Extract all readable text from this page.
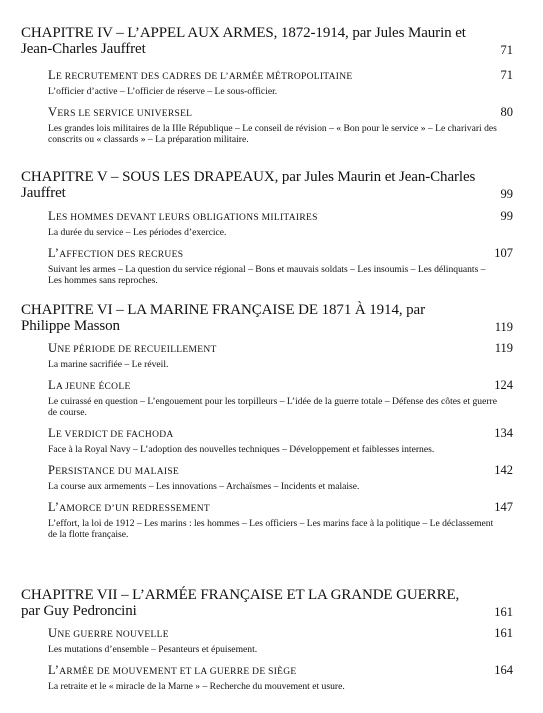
CHAPITRE IV – L’APPEL AUX ARMES, 1872-1914, par Jules Maurin et Jean-Charles Jauffret	71
LE RECRUTEMENT DES CADRES DE L’ARMÉE MÉTROPOLITAINE	71
L’officier d’active – L’officier de réserve – Le sous-officier.
VERS LE SERVICE UNIVERSEL	80
Les grandes lois militaires de la IIIe République – Le conseil de révision – « Bon pour le service » – Le charivari des conscrits ou « classards » – La préparation militaire.
CHAPITRE V – SOUS LES DRAPEAUX, par Jules Maurin et Jean-Charles Jauffret	99
LES HOMMES DEVANT LEURS OBLIGATIONS MILITAIRES	99
La durée du service – Les périodes d’exercice.
L’AFFECTION DES RECRUES	107
Suivant les armes – La question du service régional – Bons et mauvais soldats – Les insoumis – Les délinquants – Les hommes sans reproches.
CHAPITRE VI – LA MARINE FRANÇAISE DE 1871 À 1914, par Philippe Masson	119
UNE PÉRIODE DE RECUEILLEMENT	119
La marine sacrifiée – Le réveil.
LA JEUNE ÉCOLE	124
Le cuirassé en question – L’engouement pour les torpilleurs – L’idée de la guerre totale – Défense des côtes et guerre de course.
LE VERDICT DE FACHODA	134
Face à la Royal Navy – L’adoption des nouvelles techniques – Développement et faiblesses internes.
PERSISTANCE DU MALAISE	142
La course aux armements – Les innovations – Archaïsmes – Incidents et malaise.
L’AMORCE D’UN REDRESSEMENT	147
L’effort, la loi de 1912 – Les marins : les hommes – Les officiers – Les marins face à la politique – Le déclassement de la flotte française.
CHAPITRE VII – L’ARMÉE FRANÇAISE ET LA GRANDE GUERRE, par Guy Pedroncini	161
UNE GUERRE NOUVELLE	161
Les mutations d’ensemble – Pesanteurs et épuisement.
L’ARMÉE DE MOUVEMENT ET LA GUERRE DE SIÈGE	164
La retraite et le « miracle de la Marne » – Recherche du mouvement et usure.
